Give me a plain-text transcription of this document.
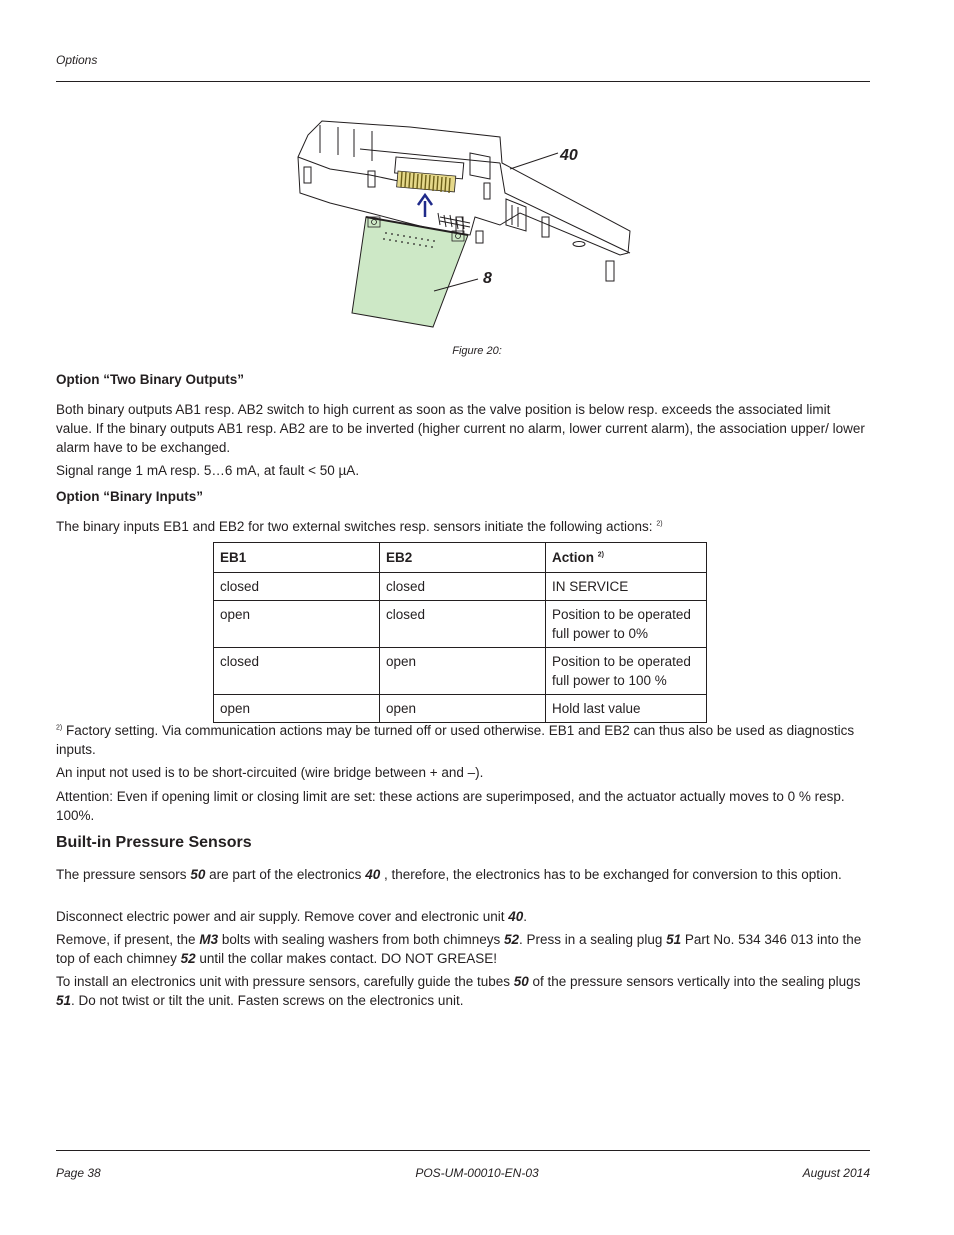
Options
40
8
Figure 20:
Option “Two Binary Outputs”
Both binary outputs AB1 resp. AB2 switch to high current as soon as the valve position is below resp. exceeds the associated limit value. If the binary outputs AB1 resp. AB2 are to be inverted (higher current no alarm, lower current alarm), the association upper/ lower alarm have to be exchanged.
Signal range 1 mA resp. 5…6 mA, at fault < 50 µA.
Option “Binary Inputs”
The binary inputs EB1 and EB2 for two external switches resp. sensors initiate the following actions: $^{2)}$
EB1	EB2	Action $^{2)}$
closed	closed	IN SERVICE
open	closed	Position to be operated full power to 0%
closed	open	Position to be operated full power to 100 %
open	open	Hold last value
$^{2)}$ Factory setting. Via communication actions may be turned off or used otherwise. EB1 and EB2 can thus also be used as diagnostics inputs.
An input not used is to be short-circuited (wire bridge between + and –).
Attention: Even if opening limit or closing limit are set: these actions are superimposed, and the actuator actually moves to 0 % resp. 100%.
Built-in Pressure Sensors
The pressure sensors 50 are part of the electronics 40 , therefore, the electronics has to be exchanged for conversion to this option.
Disconnect electric power and air supply. Remove cover and electronic unit 40.
Remove, if present, the M3 bolts with sealing washers from both chimneys 52. Press in a sealing plug 51 Part No. 534 346 013 into the top of each chimney 52 until the collar makes contact. DO NOT GREASE!
To install an electronics unit with pressure sensors, carefully guide the tubes 50 of the pressure sensors vertically into the sealing plugs 51. Do not twist or tilt the unit. Fasten screws on the electronics unit.
Page 38	POS-UM-00010-EN-03	August 2014
